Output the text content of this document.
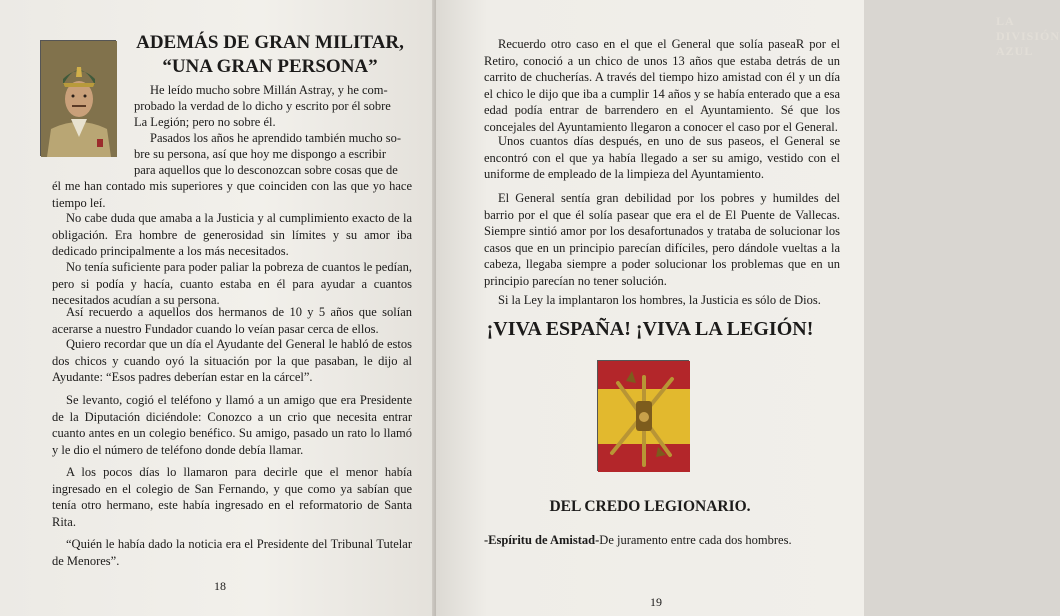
ADEMÁS DE GRAN MILITAR,
“UNA GRAN PERSONA”
He leído mucho sobre Millán Astray, y he com-
probado la verdad de lo dicho y escrito por él sobre
La Legión; pero no sobre él.
Pasados los años he aprendido también mucho so-
bre su persona, así que hoy me dispongo a escribir
para aquellos que lo desconozcan sobre cosas que de
él me han contado mis superiores y que coinciden con las que yo hace tiempo leí.
No cabe duda que amaba a la Justicia y al cumplimiento exacto de la obligación. Era hombre de generosidad sin límites y su amor iba dedicado principalmente a los más necesitados.
No tenía suficiente para poder paliar la pobreza de cuantos le pedían, pero si podía y hacía, cuanto estaba en él para ayudar a cuantos necesitados acudían a su persona.
Así recuerdo a aquellos dos hermanos de 10 y 5 años que solían acerarse a nuestro Fundador cuando lo veían pasar cerca de ellos.
Quiero recordar que un día el Ayudante del General le habló de estos dos chicos y cuando oyó la situación por la que pasaban, le dijo al Ayudante: “Esos padres deberían estar en la cárcel”.
Se levanto, cogió el teléfono y llamó a un amigo que era Presidente de la Diputación diciéndole: Conozco a un crio que necesita entrar cuanto antes en un colegio benéfico. Su amigo, pasado un rato lo llamó y le dio el número de teléfono donde debía llamar.
A los pocos días lo llamaron para decirle que el menor había ingresado en el colegio de San Fernando, y que como ya sabían que tenía otro hermano, este había ingresado en el reformatorio de Santa Rita.
“Quién le había dado la noticia era el Presidente del Tribunal Tutelar de Menores”.
18
LA DIVISIÓN AZUL
Recuerdo otro caso en el que el General que solía paseaR por el Retiro, conoció a un chico de unos 13 años que estaba detrás de un carrito de chucherías. A través del tiempo hizo amistad con él y un día el chico le dijo que iba a cumplir 14 años y se había enterado que a esa edad podía entrar de barrendero en el Ayuntamiento. Sé que los concejales del Ayuntamiento llegaron a conocer el caso por el General.
Unos cuantos días después, en uno de sus paseos, el General se encontró con el que ya había llegado a ser su amigo, vestido con el uniforme de empleado de la limpieza del Ayuntamiento.
El General sentía gran debilidad por los pobres y humildes del barrio por el que él solía pasear que era el de El Puente de Vallecas. Siempre sintió amor por los desafortunados y trataba de solucionar los casos que en un principio parecían difíciles, pero dándole vueltas a la cabeza, llegaba siempre a poder solucionar los problemas que en un principio parecían no tener solución.
Si la Ley la implantaron los hombres, la Justicia es sólo de Dios.
19
¡VIVA ESPAÑA! ¡VIVA LA LEGIÓN!
DEL CREDO LEGIONARIO.
-Espíritu de Amistad-De juramento entre cada dos hombres.
